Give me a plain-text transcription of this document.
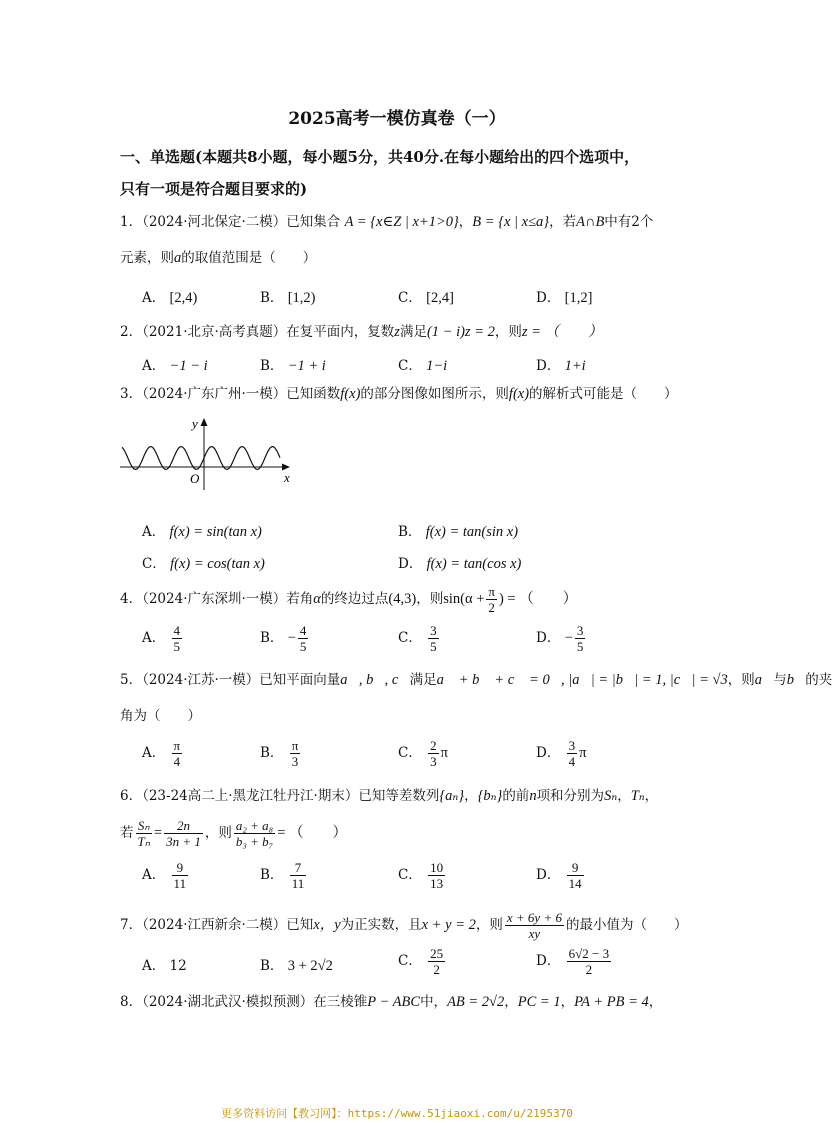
2025高考一模仿真卷（一）
一、单选题(本题共8小题，每小题5分，共40分.在每小题给出的四个选项中，
只有一项是符合题目要求的)
1．（2024·河北保定·二模）已知集合 A = {x∈Z | x+1>0}，B = {x | x≤a}，若A∩B中有2个
元素，则a的取值范围是（　　）
A． [2,4)	B． [1,2)	C． [2,4]	D． [1,2]
2．（2021·北京·高考真题）在复平面内，复数z满足(1 − i)z = 2，则z = （　　）
A． −1 − i	B． −1 + i	C． 1−i	D． 1+i
3．（2024·广东广州·一模）已知函数f(x)的部分图像如图所示，则f(x)的解析式可能是（　　）
y
x
O
A． f(x) = sin(tan x)	B． f(x) = tan(sin x)
C． f(x) = cos(tan x)	D． f(x) = tan(cos x)
4．（2024·广东深圳·一模）若角α的终边过点(4,3)，则$\sin(\alpha + \frac{\pi}{2}$ ) = （　　）
A． $\frac{4}{5}$	B． − $\frac{4}{5}$	C． $\frac{3}{5}$	D． − $\frac{3}{5}$
5．（2024·江苏·一模）已知平面向量a⃗, b⃗, c⃗满足a⃗ + b⃗ + c⃗ = 0⃗, |a⃗| = |b⃗| = 1, |c⃗| = √3，则a⃗与b⃗的夹
角为（　　）
A． $\frac{\pi}{4}$	B． $\frac{\pi}{3}$	C． $\frac{2}{3}$ π	D． $\frac{3}{4}$ π
6．（23-24高二上·黑龙江牡丹江·期末）已知等差数列{aₙ}，{bₙ}的前n项和分别为Sₙ，Tₙ，
若 $\frac{\text{Sₙ}}{\text{Tₙ}} = \frac{2n}{3n + 1}$ ，则 $\frac{\text{a₂ + a₈}}{\text{b₃ + b₇}}$ = （　　）
A． $\frac{9}{11}$	B． $\frac{7}{11}$	C． $\frac{10}{13}$	D． $\frac{9}{14}$
7．（2024·江西新余·二模）已知x，y为正实数，且x + y = 2，则 $\frac{x + 6y + 6}{xy}$ 的最小值为（　　）
A． 12	B． 3 + 2√2	C． $\frac{25}{2}$	D． $\frac{6√2 - 3}{2}$
8．（2024·湖北武汉·模拟预测）在三棱锥P − ABC中，AB = 2√2，PC = 1，PA + PB = 4，
更多资料访问【教习网】：https://www.51jiaoxi.com/u/2195370
